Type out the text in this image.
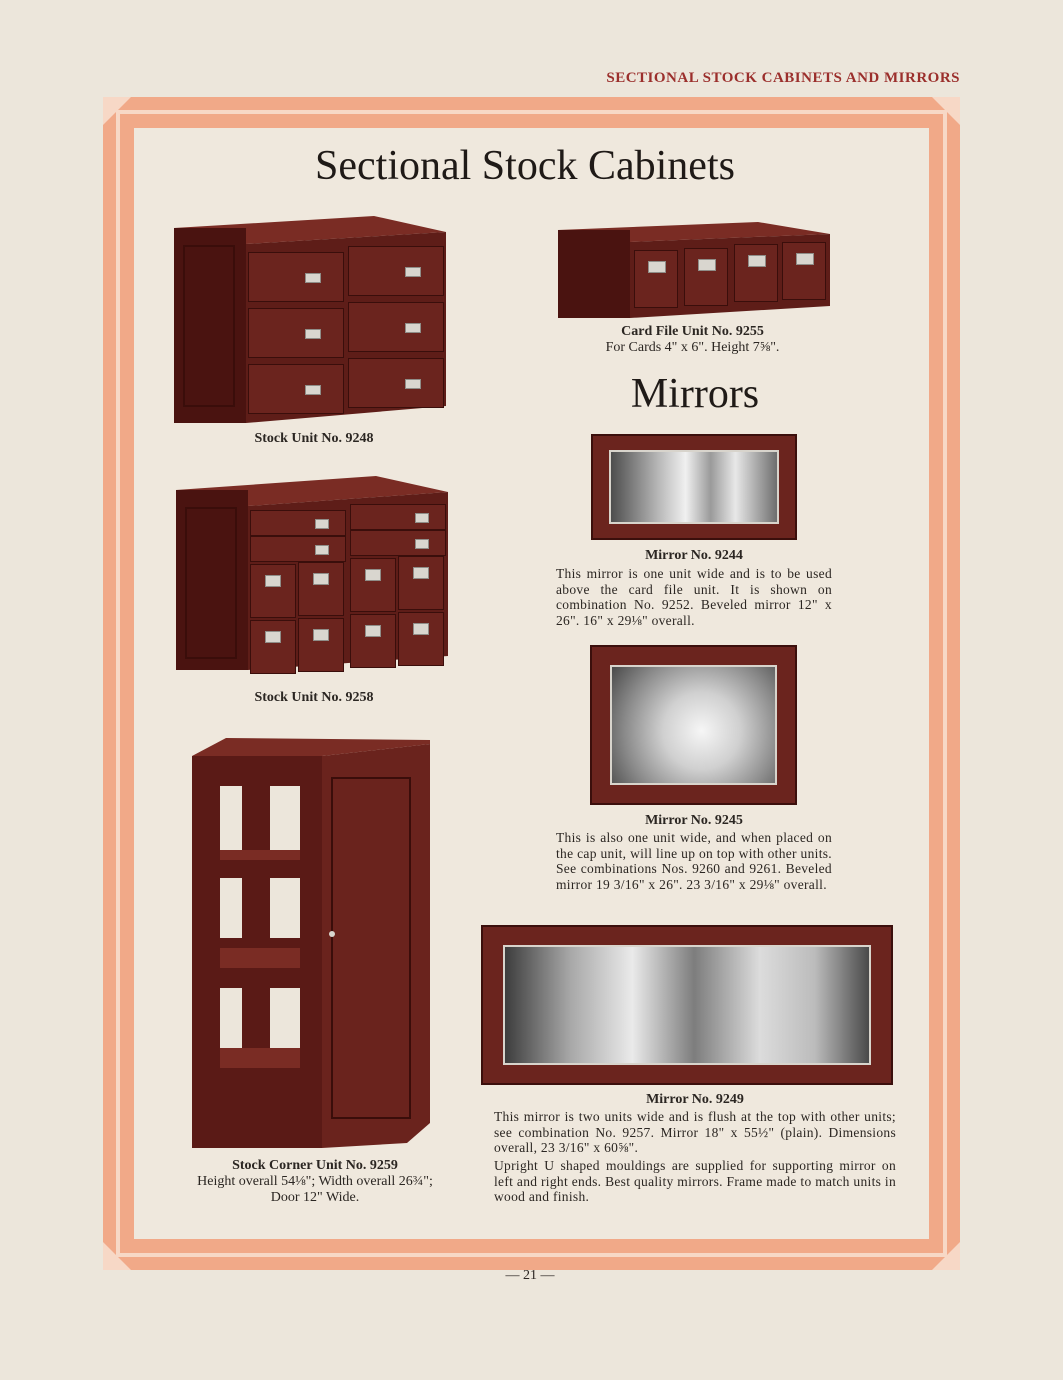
SECTIONAL STOCK CABINETS AND MIRRORS
Sectional Stock Cabinets
Mirrors
Stock Unit No. 9248
Stock Unit No. 9258
Stock Corner Unit No. 9259
Height overall 54⅛"; Width overall 26¾";
Door 12" Wide.
Card File Unit No. 9255
For Cards 4" x 6". Height 7⅝".
Mirror No. 9244
This mirror is one unit wide and is to be used above the card file unit. It is shown on combination No. 9252. Beveled mirror 12" x 26". 16" x 29⅛" overall.
Mirror No. 9245
This is also one unit wide, and when placed on the cap unit, will line up on top with other units. See combinations Nos. 9260 and 9261. Beveled mirror 19 3/16" x 26". 23 3/16" x 29⅛" overall.
Mirror No. 9249
This mirror is two units wide and is flush at the top with other units; see combination No. 9257. Mirror 18" x 55½" (plain). Dimensions overall, 23 3/16" x 60⅝".
Upright U shaped mouldings are supplied for supporting mirror on left and right ends. Best quality mirrors. Frame made to match units in wood and finish.
— 21 —
